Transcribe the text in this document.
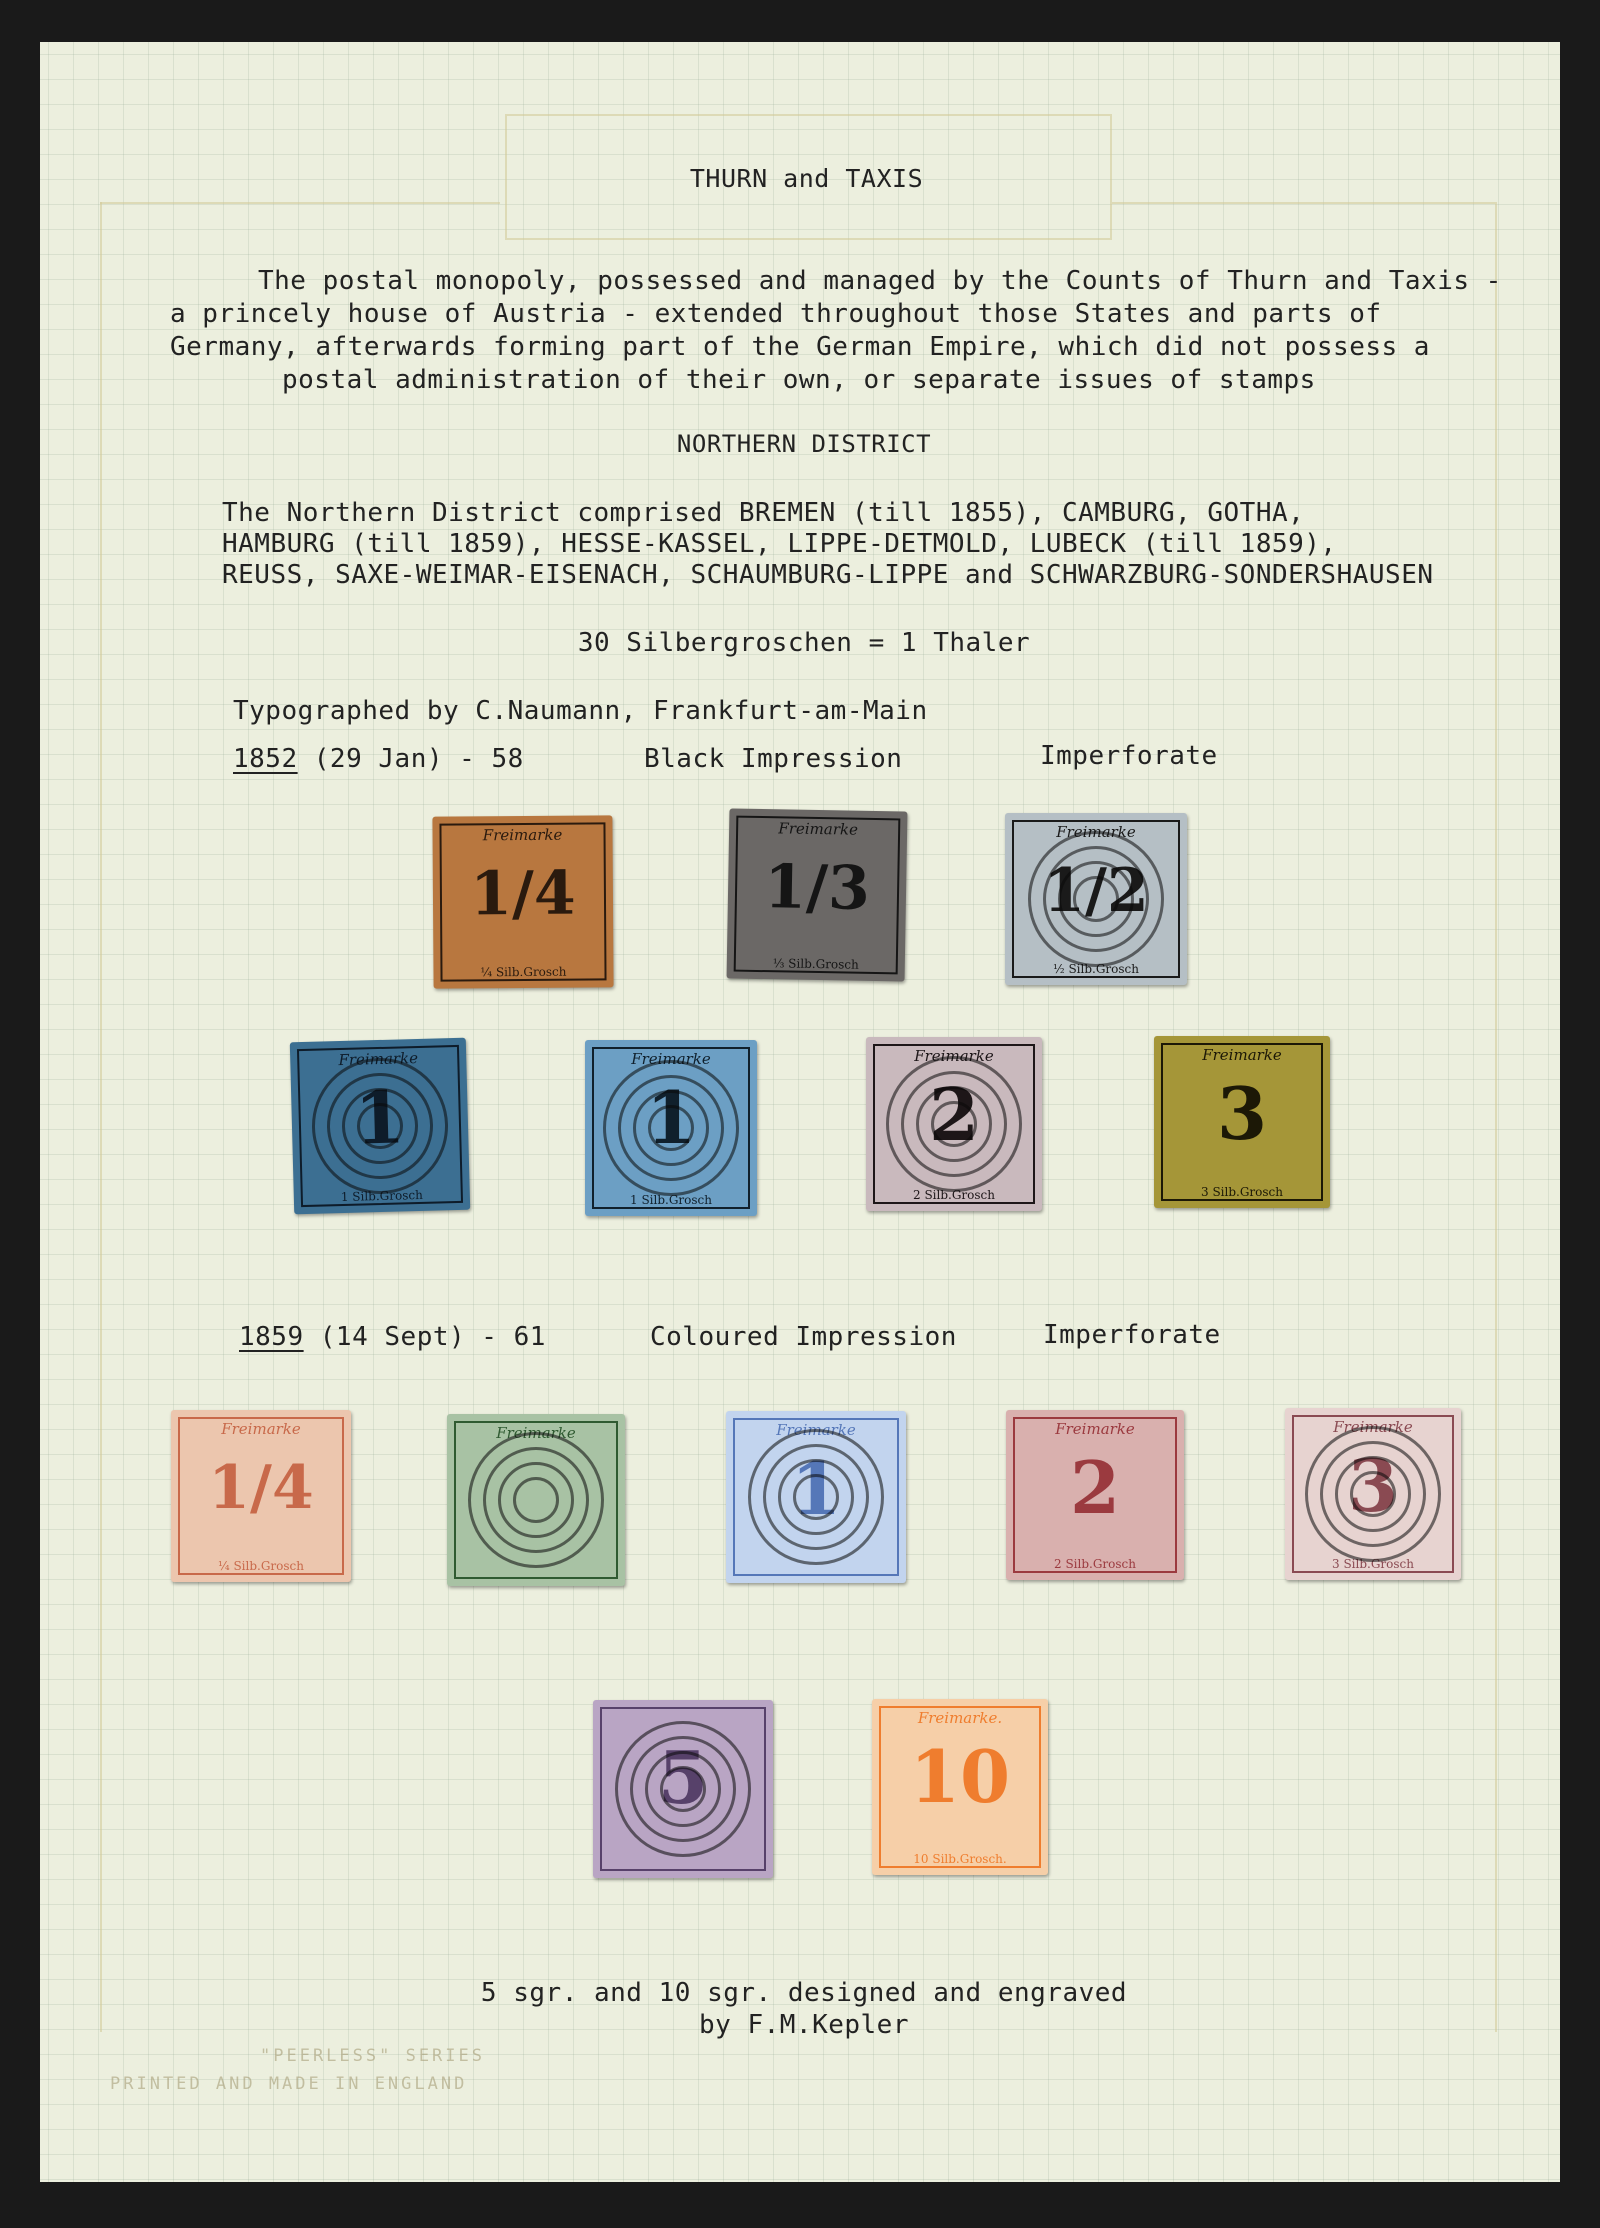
THURN and TAXIS
The postal monopoly, possessed and managed by the Counts of Thurn and Taxis -
a princely house of Austria - extended throughout those States and parts of
Germany, afterwards forming part of the German Empire, which did not possess a
postal administration of their own, or separate issues of stamps
NORTHERN DISTRICT
The Northern District comprised BREMEN (till 1855), CAMBURG, GOTHA,
HAMBURG (till 1859), HESSE-KASSEL, LIPPE-DETMOLD, LUBECK (till 1859),
REUSS, SAXE-WEIMAR-EISENACH, SCHAUMBURG-LIPPE and SCHWARZBURG-SONDERSHAUSEN
30 Silbergroschen = 1 Thaler
Typographed by C.Naumann, Frankfurt-am-Main
1852 (29 Jan) - 58	Black Impression	Imperforate
Freimarke
1/4
¼ Silb.Grosch
Freimarke
1/3
⅓ Silb.Grosch
Freimarke
1/2
½ Silb.Grosch
Freimarke
1
1 Silb.Grosch
Freimarke
1
1 Silb.Grosch
Freimarke
2
2 Silb.Grosch
Freimarke
3
3 Silb.Grosch
1859 (14 Sept) - 61	Coloured Impression	Imperforate
Freimarke
1/4
¼ Silb.Grosch
Freimarke	Freimarke
1
Freimarke
2
2 Silb.Grosch
Freimarke
3
3 Silb.Grosch
5
Freimarke.
10
10 Silb.Grosch.
5 sgr. and 10 sgr. designed and engraved
by F.M.Kepler
"PEERLESS" SERIES
PRINTED AND MADE IN ENGLAND
